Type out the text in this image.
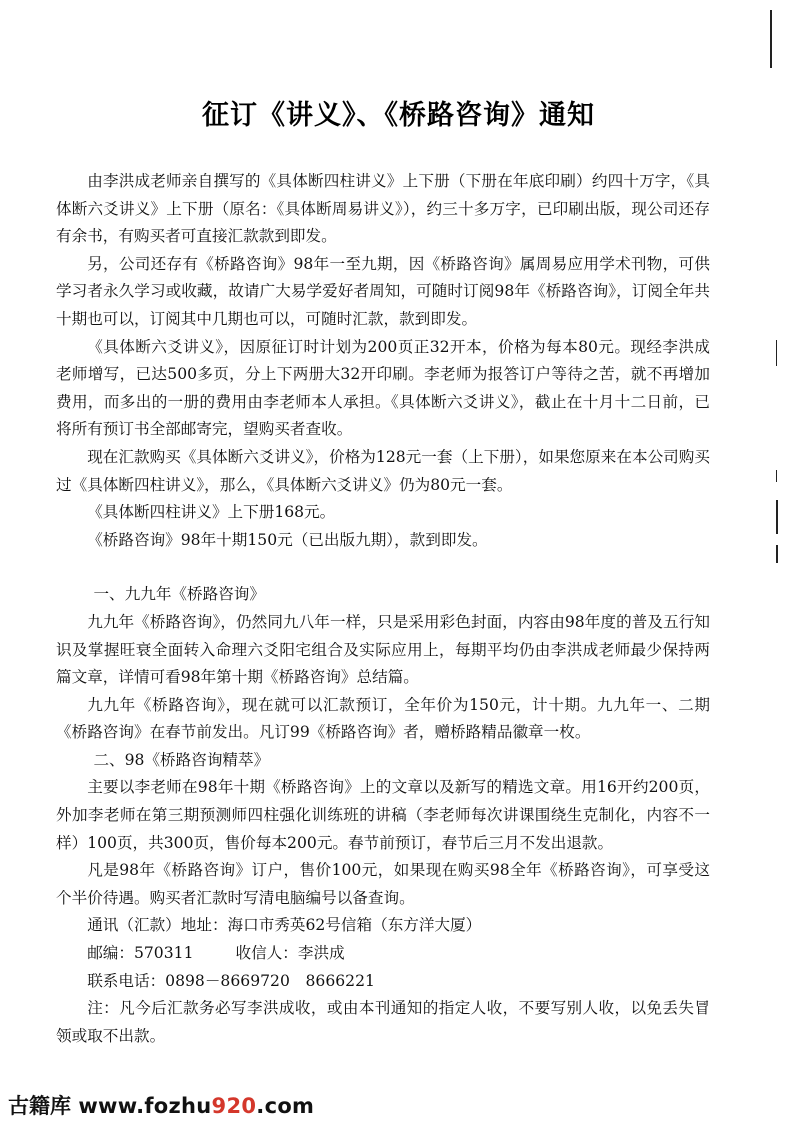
征订《讲义》、《桥路咨询》通知

由李洪成老师亲自撰写的《具体断四柱讲义》上下册（下册在年底印刷）约四十万字，《具体断六爻讲义》上下册（原名：《具体断周易讲义》），约三十多万字，已印刷出版，现公司还存有余书，有购买者可直接汇款款到即发。

另，公司还存有《桥路咨询》98年一至九期，因《桥路咨询》属周易应用学术刊物，可供学习者永久学习或收藏，故请广大易学爱好者周知，可随时订阅98年《桥路咨询》，订阅全年共十期也可以，订阅其中几期也可以，可随时汇款，款到即发。

《具体断六爻讲义》，因原征订时计划为200页正32开本，价格为每本80元。现经李洪成老师增写，已达500多页，分上下两册大32开印刷。李老师为报答订户等待之苦，就不再增加费用，而多出的一册的费用由李老师本人承担。《具体断六爻讲义》，截止在十月十二日前，已将所有预订书全部邮寄完，望购买者查收。

现在汇款购买《具体断六爻讲义》，价格为128元一套（上下册），如果您原来在本公司购买过《具体断四柱讲义》，那么，《具体断六爻讲义》仍为80元一套。

《具体断四柱讲义》上下册168元。

《桥路咨询》98年十期150元（已出版九期），款到即发。

一、九九年《桥路咨询》

九九年《桥路咨询》，仍然同九八年一样，只是采用彩色封面，内容由98年度的普及五行知识及掌握旺衰全面转入命理六爻阳宅组合及实际应用上，每期平均仍由李洪成老师最少保持两篇文章，详情可看98年第十期《桥路咨询》总结篇。

九九年《桥路咨询》，现在就可以汇款预订，全年价为150元，计十期。九九年一、二期《桥路咨询》在春节前发出。凡订99《桥路咨询》者，赠桥路精品徽章一枚。

二、98《桥路咨询精萃》

主要以李老师在98年十期《桥路咨询》上的文章以及新写的精选文章。用16开约200页，外加李老师在第三期预测师四柱强化训练班的讲稿（李老师每次讲课围绕生克制化，内容不一样）100页，共300页，售价每本200元。春节前预订，春节后三月不发出退款。

凡是98年《桥路咨询》订户，售价100元，如果现在购买98全年《桥路咨询》，可享受这个半价待遇。购买者汇款时写清电脑编号以备查询。

通讯（汇款）地址：海口市秀英62号信箱（东方洋大厦）

邮编：570311	收信人：李洪成

联系电话：0898－8669720　8666221

注：凡今后汇款务必写李洪成收，或由本刊通知的指定人收，不要写别人收，以免丢失冒领或取不出款。

古籍库 www.fozhu920.com
